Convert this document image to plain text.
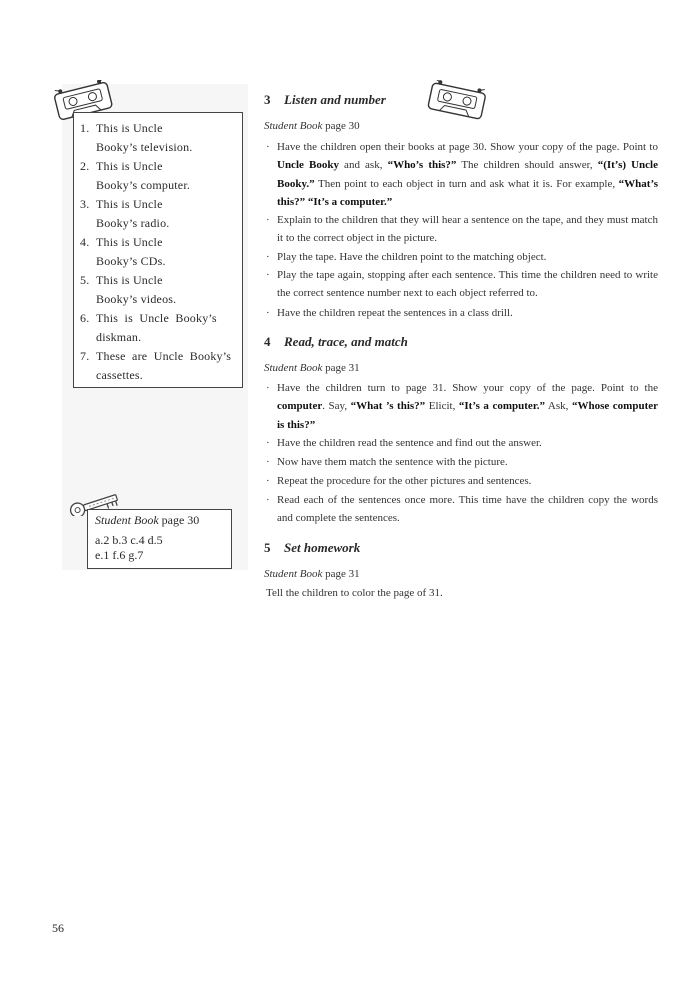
1. This is Uncle
Booky’s television.
2. This is Uncle
Booky’s computer.
3. This is Uncle
Booky’s radio.
4. This is Uncle
Booky’s CDs.
5. This is Uncle
Booky’s videos.
6. This  is  Uncle  Booky’s
diskman.
7. These  are  Uncle  Booky’s
cassettes.
Student Book page 30
a.2 b.3 c.4 d.5
e.1 f.6 g.7
3 Listen and number
Student Book page 30
· Have the children open their books at page 30. Show your copy of the page. Point to Uncle Booky and ask, “Who’s this?” The children should answer, “(It’s) Uncle Booky.” Then point to each object in turn and ask what it is. For example, “What’s this?” “It’s a computer.”
· Explain to the children that they will hear a sentence on the tape, and they must match it to the correct object in the picture.
· Play the tape. Have the children point to the matching object.
· Play the tape again, stopping after each sentence. This time the children need to write the correct sentence number next to each object referred to.
· Have the children repeat the sentences in a class drill.
4 Read, trace, and match
Student Book page 31
· Have the children turn to page 31. Show your copy of the page. Point to the computer. Say, “What ’s this?” Elicit, “It’s a computer.” Ask, “Whose computer is this?”
· Have the children read the sentence and find out the answer.
· Now have them match the sentence with the picture.
· Repeat the procedure for the other pictures and sentences.
· Read each of the sentences once more. This time have the children copy the words and complete the sentences.
5 Set homework
Student Book page 31
Tell the children to color the page of 31.
56
